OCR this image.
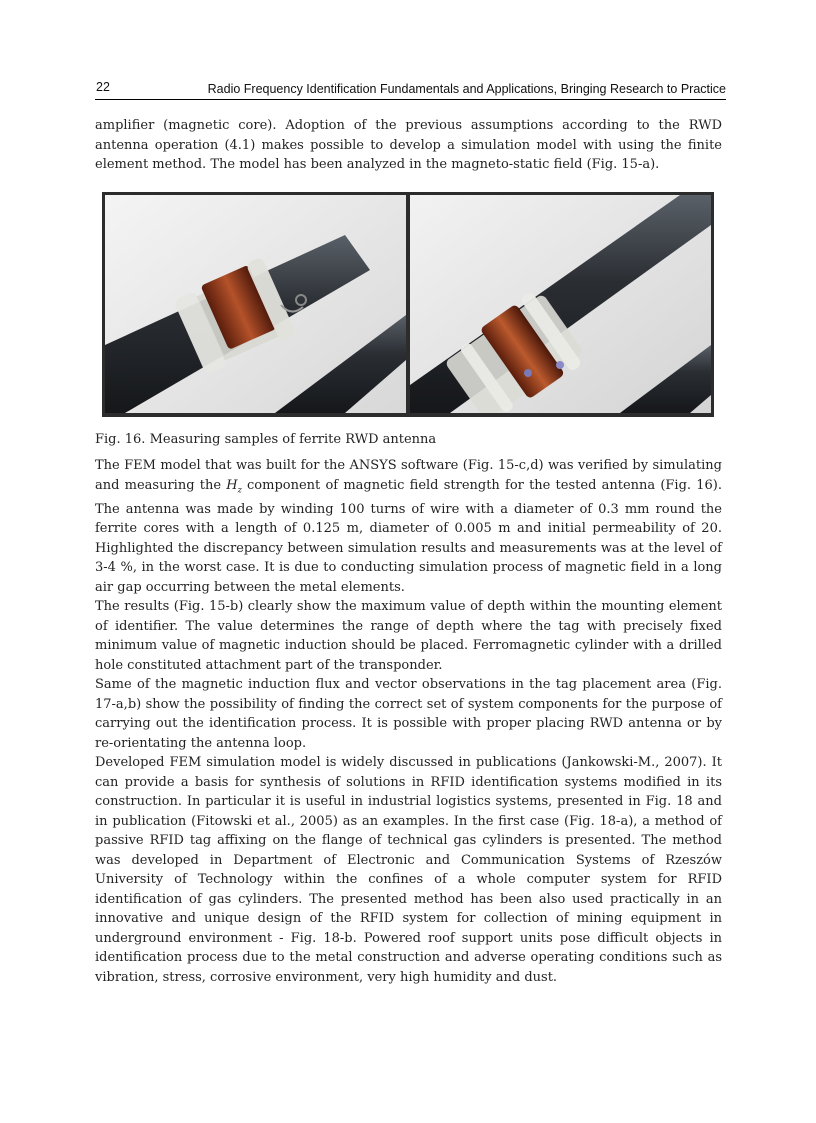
22	Radio Frequency Identification Fundamentals and Applications, Bringing Research to Practice
amplifier (magnetic core). Adoption of the previous assumptions according to the RWD antenna operation (4.1) makes possible to develop a simulation model with using the finite element method. The model has been analyzed in the magneto-static field (Fig. 15-a).
Fig. 16. Measuring samples of ferrite RWD antenna

The FEM model that was built for the ANSYS software (Fig. 15-c,d) was verified by simulating and measuring the $H_z$ component of magnetic field strength for the tested antenna (Fig. 16). The antenna was made by winding 100 turns of wire with a diameter of 0.3 mm round the ferrite cores with a length of 0.125 m, diameter of 0.005 m and initial permeability of 20. Highlighted the discrepancy between simulation results and measurements was at the level of 3-4 %, in the worst case. It is due to conducting simulation process of magnetic field in a long air gap occurring between the metal elements.

The results (Fig. 15-b) clearly show the maximum value of depth within the mounting element of identifier. The value determines the range of depth where the tag with precisely fixed minimum value of magnetic induction should be placed. Ferromagnetic cylinder with a drilled hole constituted attachment part of the transponder.

Same of the magnetic induction flux and vector observations in the tag placement area (Fig. 17-a,b) show the possibility of finding the correct set of system components for the purpose of carrying out the identification process. It is possible with proper placing RWD antenna or by re-orientating the antenna loop.

Developed FEM simulation model is widely discussed in publications (Jankowski-M., 2007). It can provide a basis for synthesis of solutions in RFID identification systems modified in its construction. In particular it is useful in industrial logistics systems, presented in Fig. 18 and in publication (Fitowski et al., 2005) as an examples. In the first case (Fig. 18-a), a method of passive RFID tag affixing on the flange of technical gas cylinders is presented. The method was developed in Department of Electronic and Communication Systems of Rzeszów University of Technology within the confines of a whole computer system for RFID identification of gas cylinders. The presented method has been also used practically in an innovative and unique design of the RFID system for collection of mining equipment in underground environment - Fig. 18-b. Powered roof support units pose difficult objects in identification process due to the metal construction and adverse operating conditions such as vibration, stress, corrosive environment, very high humidity and dust.
